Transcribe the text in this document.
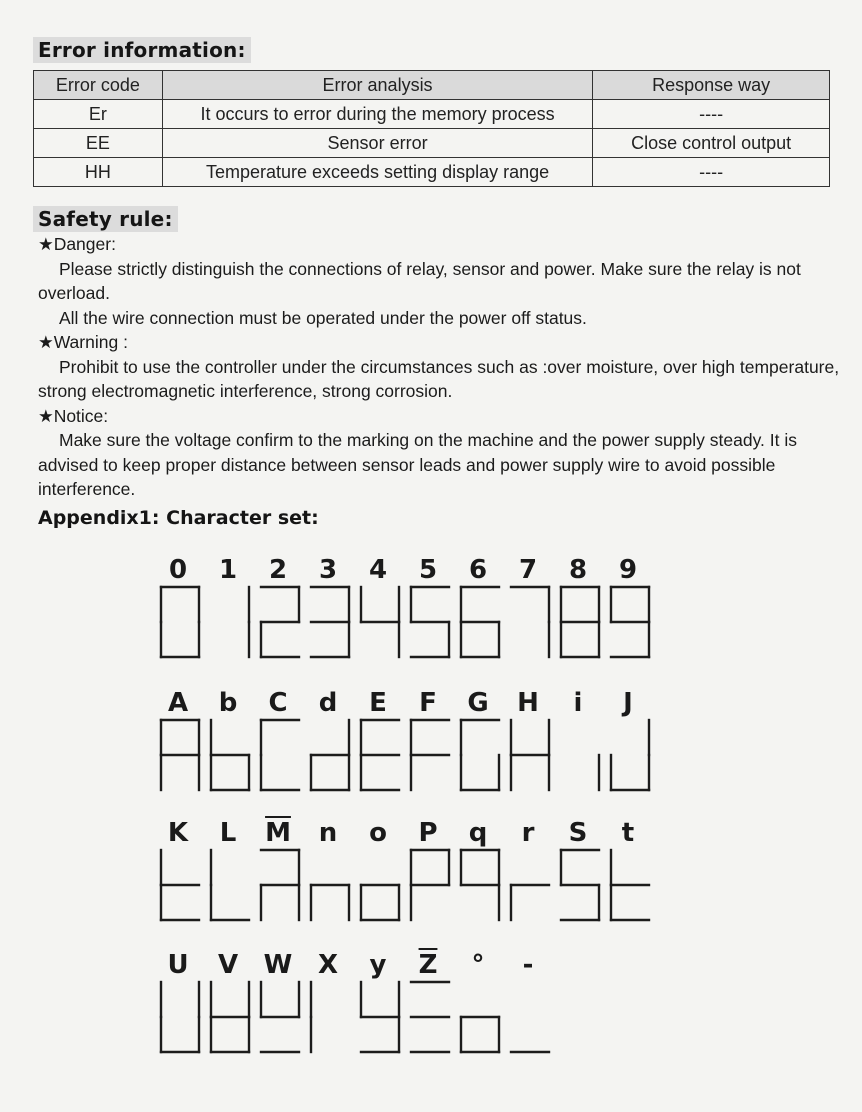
Error information:
Error code	Error analysis	Response way
Er	It occurs to error during the memory process	----
EE	Sensor error	Close control output
HH	Temperature exceeds setting display range	----
Safety rule:

★Danger:

Please strictly distinguish the connections of relay, sensor and power. Make sure the relay is not overload.

All the wire connection must be operated under the power off status.

★Warning :

Prohibit to use the controller under the circumstances such as :over moisture, over high temperature, strong electromagnetic interference, strong corrosion.

★Notice:

Make sure the voltage confirm to the marking on the machine and the power supply steady. It is advised to keep proper distance between sensor leads and power supply wire to avoid possible interference.

Appendix1: Character set:
0	1	2	3	4	5	6	7	8	9
A	b	C	d	E	F	G	H	i	J
K	L	$\overline{M}$	n	o	P	q	r	S	t
U	V W X	y	$\overline{Z}$	°	-
